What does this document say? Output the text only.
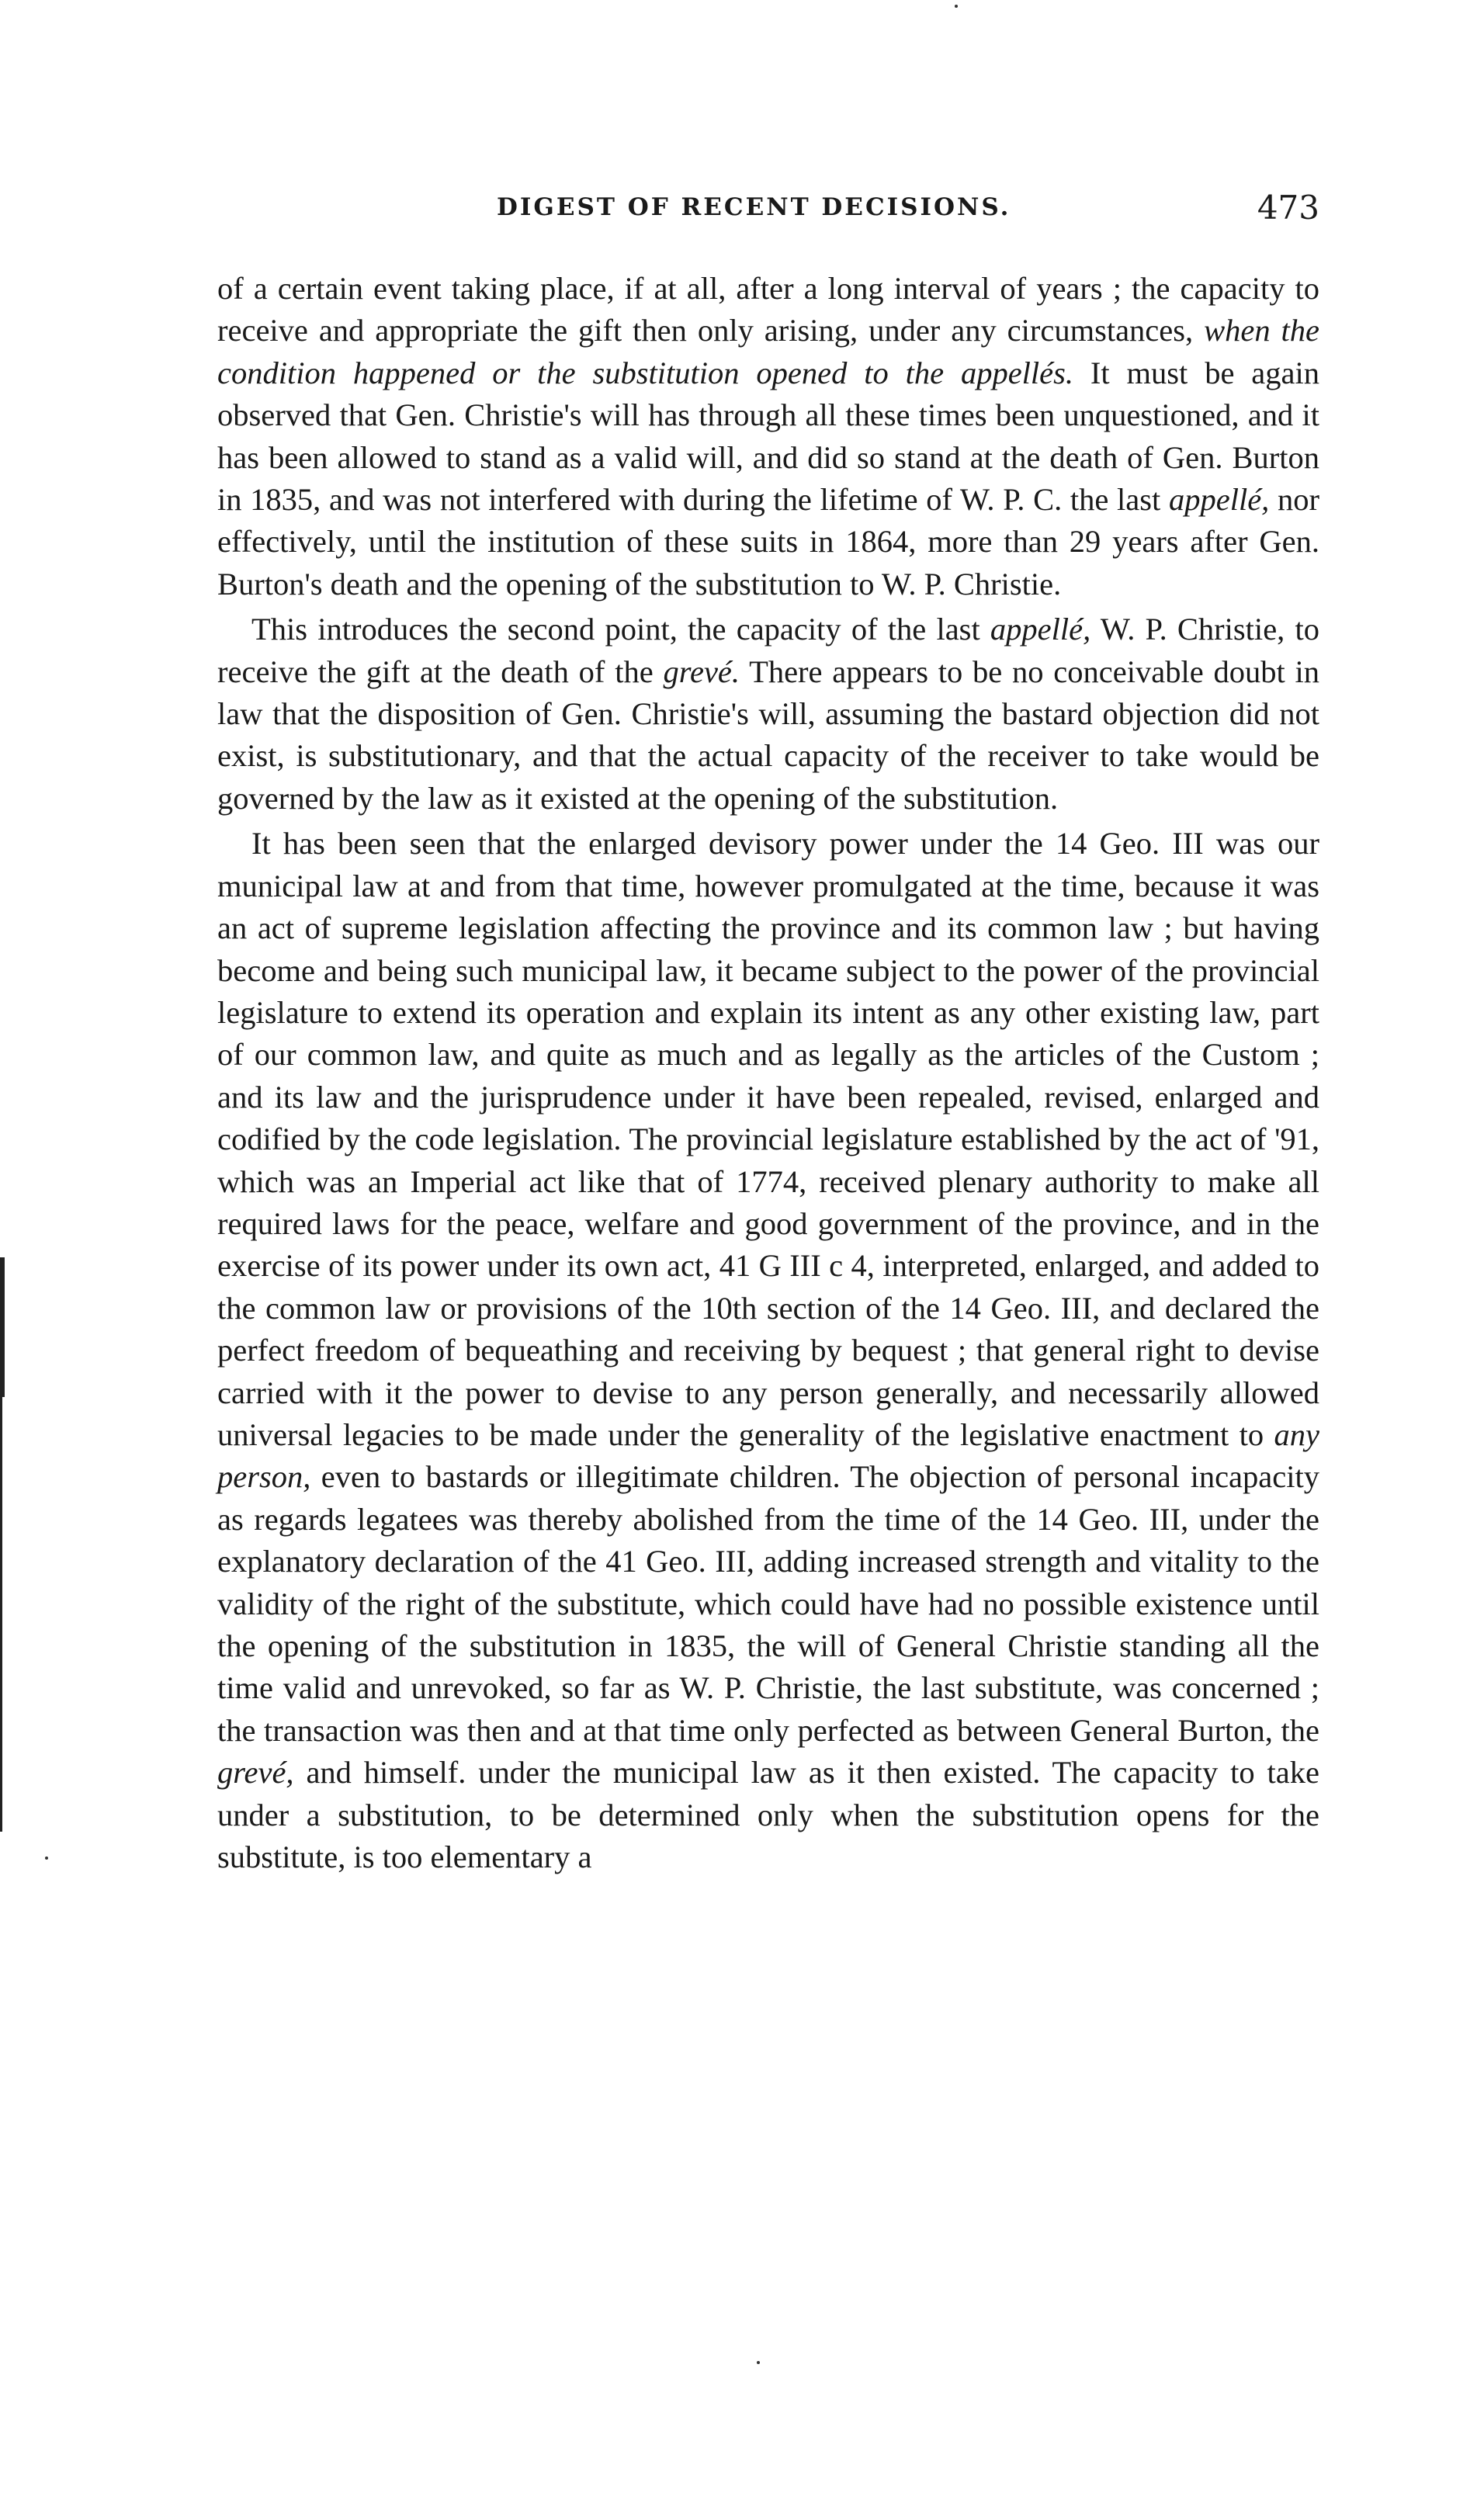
DIGEST OF RECENT DECISIONS.	473

of a certain event taking place, if at all, after a long interval of years ; the capacity to receive and appropriate the gift then only arising, under any circumstances, when the condition happened or the substitution opened to the appellés. It must be again observed that Gen. Christie's will has through all these times been unquestioned, and it has been allowed to stand as a valid will, and did so stand at the death of Gen. Burton in 1835, and was not interfered with during the lifetime of W. P. C. the last appellé, nor effectively, until the institution of these suits in 1864, more than 29 years after Gen. Burton's death and the opening of the substitution to W. P. Christie.

This introduces the second point, the capacity of the last appellé, W. P. Christie, to receive the gift at the death of the grevé. There appears to be no conceivable doubt in law that the disposition of Gen. Christie's will, assuming the bastard objection did not exist, is substitutionary, and that the actual capacity of the receiver to take would be governed by the law as it existed at the opening of the substitution.

It has been seen that the enlarged devisory power under the 14 Geo. III was our municipal law at and from that time, however promulgated at the time, because it was an act of supreme legislation affecting the province and its common law ; but having become and being such municipal law, it became subject to the power of the provincial legislature to extend its operation and explain its intent as any other existing law, part of our common law, and quite as much and as legally as the articles of the Custom ; and its law and the jurisprudence under it have been repealed, revised, enlarged and codified by the code legislation. The provincial legislature established by the act of '91, which was an Imperial act like that of 1774, received plenary authority to make all required laws for the peace, welfare and good government of the province, and in the exercise of its power under its own act, 41 G III c 4, interpreted, enlarged, and added to the common law or provisions of the 10th section of the 14 Geo. III, and declared the perfect freedom of bequeathing and receiving by bequest ; that general right to devise carried with it the power to devise to any person generally, and necessarily allowed universal legacies to be made under the generality of the legislative enactment to any person, even to bastards or illegitimate children. The objection of personal incapacity as regards legatees was thereby abolished from the time of the 14 Geo. III, under the explanatory declaration of the 41 Geo. III, adding increased strength and vitality to the validity of the right of the substitute, which could have had no possible existence until the opening of the substitution in 1835, the will of General Christie standing all the time valid and unrevoked, so far as W. P. Christie, the last substitute, was concerned ; the transaction was then and at that time only perfected as between General Burton, the grevé, and himself. under the municipal law as it then existed. The capacity to take under a substitution, to be determined only when the substitution opens for the substitute, is too elementary a
